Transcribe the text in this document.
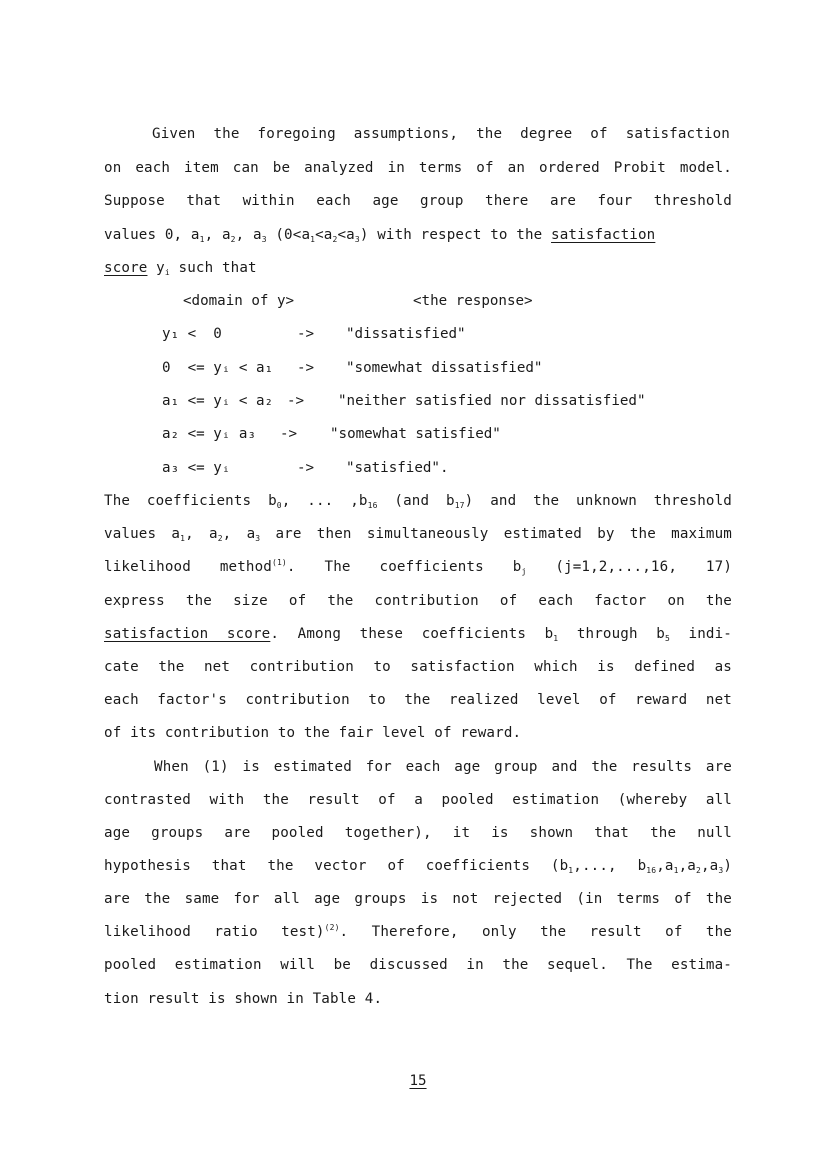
Given the foregoing assumptions, the degree of satisfaction
on each item can be analyzed in terms of an ordered Probit model.
Suppose that within each age group there are four threshold
values 0, $a_1$, $a_2$, $a_3$ $(0<a_1<a_2<a_3)$ with respect to the satisfaction
score $y_i$ such that
<domain of y>	<the response>
y₁ <  0	-> "dissatisfied"
0  <= yᵢ < a₁ -> "somewhat dissatisfied"
a₁ <= yᵢ < a₂ -> "neither satisfied nor dissatisfied"
a₂ <= yᵢ a₃ -> "somewhat satisfied"
a₃ <= yᵢ	-> "satisfied".
The coefficients $b_0$, ... $,b_{16}$ (and $b_{17}$) and the unknown threshold
values $a_1$, $a_2$, $a_3$ are then simultaneously estimated by the maximum
likelihood method$^{(1)}$. The coefficients $b_j$ (j=1,2,...,16, 17)
express the size of the contribution of each factor on the
satisfaction score. Among these coefficients $b_1$ through $b_5$ indi-
cate the net contribution to satisfaction which is defined as
each factor's contribution to the realized level of reward net
of its contribution to the fair level of reward.
When (1) is estimated for each age group and the results are
contrasted with the result of a pooled estimation (whereby all
age groups are pooled together), it is shown that the null
hypothesis that the vector of coefficients ($b_1$,..., $b_{16},a_1,a_2,a_3$)
are the same for all age groups is not rejected (in terms of the
likelihood ratio test)$^{(2)}$. Therefore, only the result of the
pooled estimation will be discussed in the sequel. The estima-
tion result is shown in Table 4.
15
